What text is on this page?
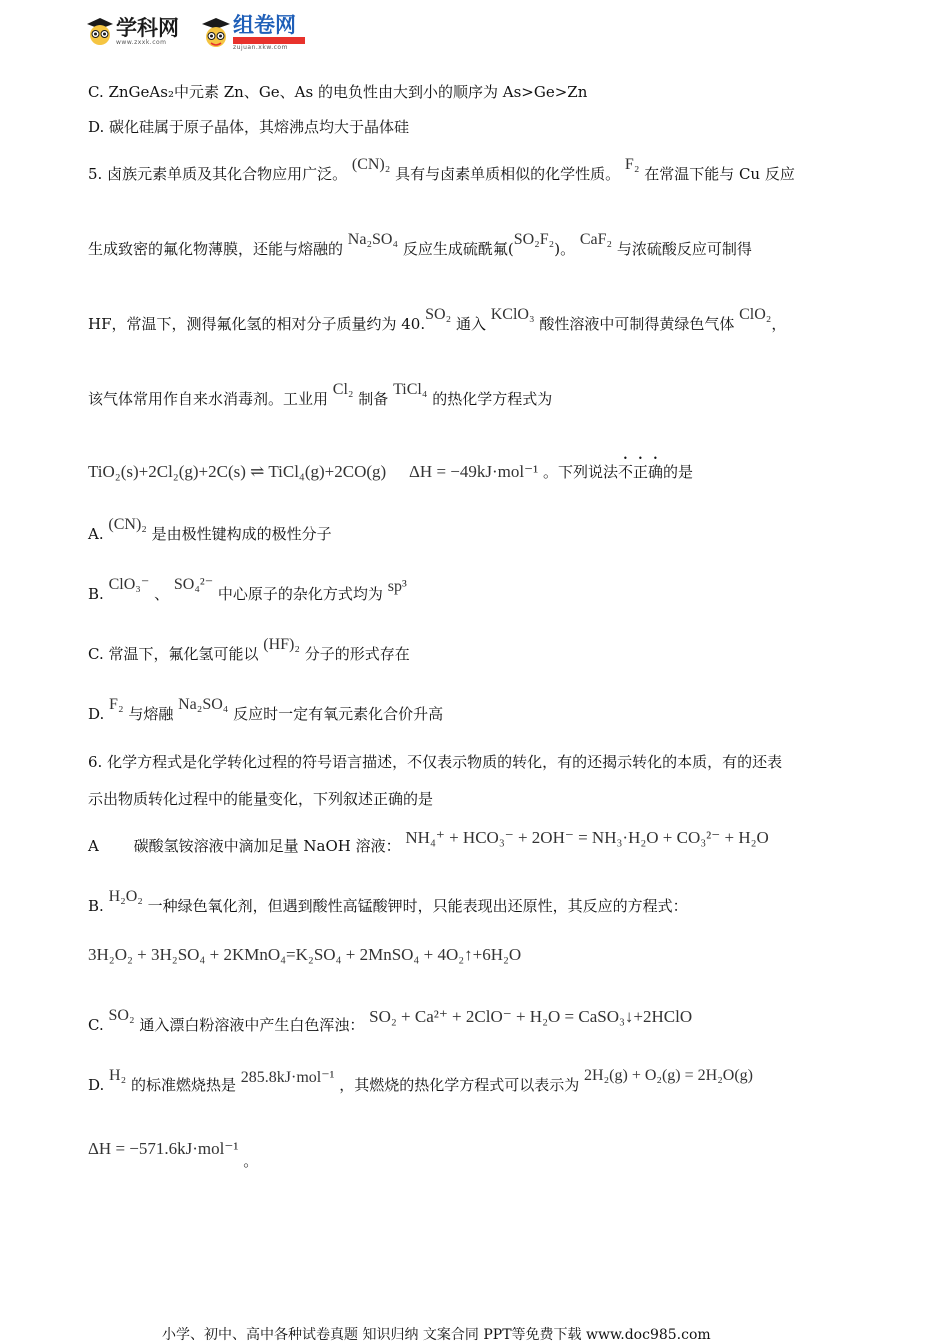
学科网
www.zxxk.com
组卷网
zujuan.xkw.com
C. ZnGeAs₂中元素 Zn、Ge、As 的电负性由大到小的顺序为 As>Ge>Zn
D. 碳化硅属于原子晶体，其熔沸点均大于晶体硅
5. 卤族元素单质及其化合物应用广泛。 (CN)₂ 具有与卤素单质相似的化学性质。 F₂ 在常温下能与 Cu 反应
生成致密的氟化物薄膜，还能与熔融的 Na₂SO₄ 反应生成硫酰氟(SO₂F₂)。 CaF₂ 与浓硫酸反应可制得
HF，常温下，测得氟化氢的相对分子质量约为 40.SO₂ 通入 KClO₃ 酸性溶液中可制得黄绿色气体 ClO₂，
该气体常用作自来水消毒剂。工业用 Cl₂ 制备 TiCl₄ 的热化学方程式为
TiO₂(s)+2Cl₂(g)+2C(s) ⇌ TiCl₄(g)+2CO(g) ΔH = −49kJ·mol⁻¹ 。下列说法不正确的是
A. (CN)₂ 是由极性键构成的极性分子
B. ClO₃⁻ 、 SO₄²⁻ 中心原子的杂化方式均为 sp³
C. 常温下，氟化氢可能以 (HF)₂ 分子的形式存在
D. F₂ 与熔融 Na₂SO₄ 反应时一定有氧元素化合价升高
6. 化学方程式是化学转化过程的符号语言描述，不仅表示物质的转化，有的还揭示转化的本质，有的还表
示出物质转化过程中的能量变化，下列叙述正确的是
A 碳酸氢铵溶液中滴加足量 NaOH 溶液： NH₄⁺ + HCO₃⁻ + 2OH⁻ = NH₃·H₂O + CO₃²⁻ + H₂O
B. H₂O₂ 一种绿色氧化剂，但遇到酸性高锰酸钾时，只能表现出还原性，其反应的方程式：
3H₂O₂ + 3H₂SO₄ + 2KMnO₄=K₂SO₄ + 2MnSO₄ + 4O₂↑+6H₂O
C. SO₂ 通入漂白粉溶液中产生白色浑浊： SO₂ + Ca²⁺ + 2ClO⁻ + H₂O = CaSO₃↓+2HClO
D. H₂ 的标准燃烧热是 285.8kJ·mol⁻¹ ，其燃烧的热化学方程式可以表示为 2H₂(g) + O₂(g) = 2H₂O(g)
ΔH = −571.6kJ·mol⁻¹ 。
小学、初中、高中各种试卷真题 知识归纳 文案合同 PPT等免费下载 www.doc985.com
